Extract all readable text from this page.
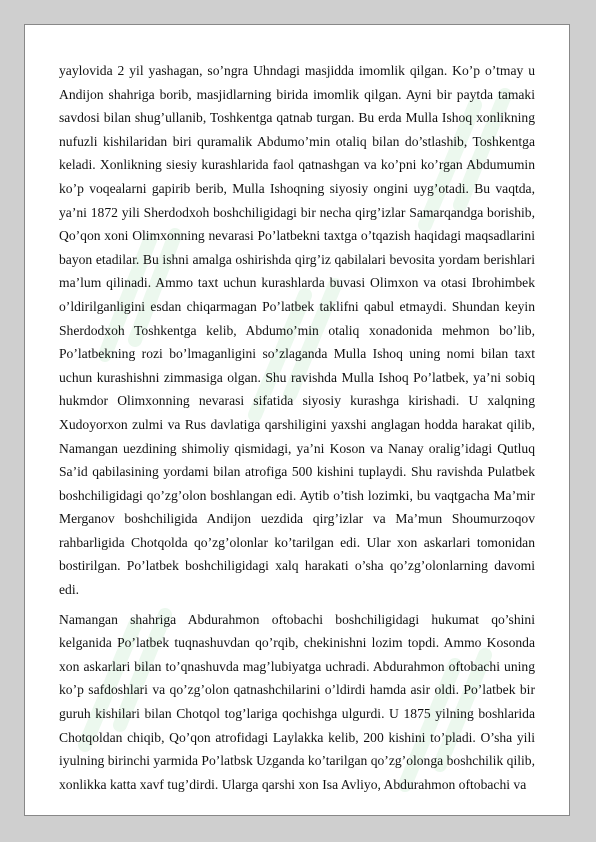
yaylovida 2 yil yashagan, so’ngra Uhndagi masjidda imomlik qilgan. Ko’p o’tmay u Andijon shahriga borib, masjidlarning birida imomlik qilgan. Ayni bir paytda tamaki savdosi bilan shug’ullanib, Toshkentga qatnab turgan. Bu erda Mulla Ishoq xonlikning nufuzli kishilaridan biri quramalik Abdumo’min otaliq bilan do’stlashib, Toshkentga keladi. Xonlikning siesiy kurashlarida faol qatnashgan va ko’pni ko’rgan Abdumumin ko’p voqealarni gapirib berib, Mulla Ishoqning siyosiy ongini uyg’otadi. Bu vaqtda, ya’ni 1872 yili Sherdodxoh boshchiligidagi bir necha qirg’izlar Samarqandga borishib, Qo’qon xoni Olimxonning nevarasi Po’latbekni taxtga o’tqazish haqidagi maqsadlarini bayon etadilar. Bu ishni amalga oshirishda qirg’iz qabilalari bevosita yordam berishlari ma’lum qilinadi. Ammo taxt uchun kurashlarda buvasi Olimxon va otasi Ibrohimbek o’ldirilganligini esdan chiqarmagan Po’latbek taklifni qabul etmaydi. Shundan keyin Sherdodxoh Toshkentga kelib, Abdumo’min otaliq xonadonida mehmon bo’lib, Po’latbekning rozi bo’lmaganligini so’zlaganda Mulla Ishoq uning nomi bilan taxt uchun kurashishni zimmasiga olgan. Shu ravishda Mulla Ishoq Po’latbek, ya’ni sobiq hukmdor Olimxonning nevarasi sifatida siyosiy kurashga kirishadi. U xalqning Xudoyorxon zulmi va Rus davlatiga qarshiligini yaxshi anglagan hodda harakat qilib, Namangan uezdining shimoliy qismidagi, ya’ni Koson va Nanay oralig’idagi Qutluq Sa’id qabilasining yordami bilan atrofiga 500 kishini tuplaydi. Shu ravishda Pulatbek boshchiligidagi qo’zg’olon boshlangan edi. Aytib o’tish lozimki, bu vaqtgacha Ma’mir Merganov boshchiligida Andijon uezdida qirg’izlar va Ma’mun Shoumurzoqov rahbarligida Chotqolda qo’zg’olonlar ko’tarilgan edi. Ular xon askarlari tomonidan bostirilgan. Po’latbek boshchiligidagi xalq harakati o’sha qo’zg’olonlarning davomi edi.

Namangan shahriga Abdurahmon oftobachi boshchiligidagi hukumat qo’shini kelganida Po’latbek tuqnashuvdan qo’rqib, chekinishni lozim topdi. Ammo Kosonda xon askarlari bilan to’qnashuvda mag’lubiyatga uchradi. Abdurahmon oftobachi uning ko’p safdoshlari va qo’zg’olon qatnashchilarini o’ldirdi hamda asir oldi. Po’latbek bir guruh kishilari bilan Chotqol tog’lariga qochishga ulgurdi. U 1875 yilning boshlarida Chotqoldan chiqib, Qo’qon atrofidagi Laylakka kelib, 200 kishini to’pladi. O’sha yili iyulning birinchi yarmida Po’latbsk Uzganda ko’tarilgan qo’zg’olonga boshchilik qilib, xonlikka katta xavf tug’dirdi. Ularga qarshi xon Isa Avliyo, Abdurahmon oftobachi va
